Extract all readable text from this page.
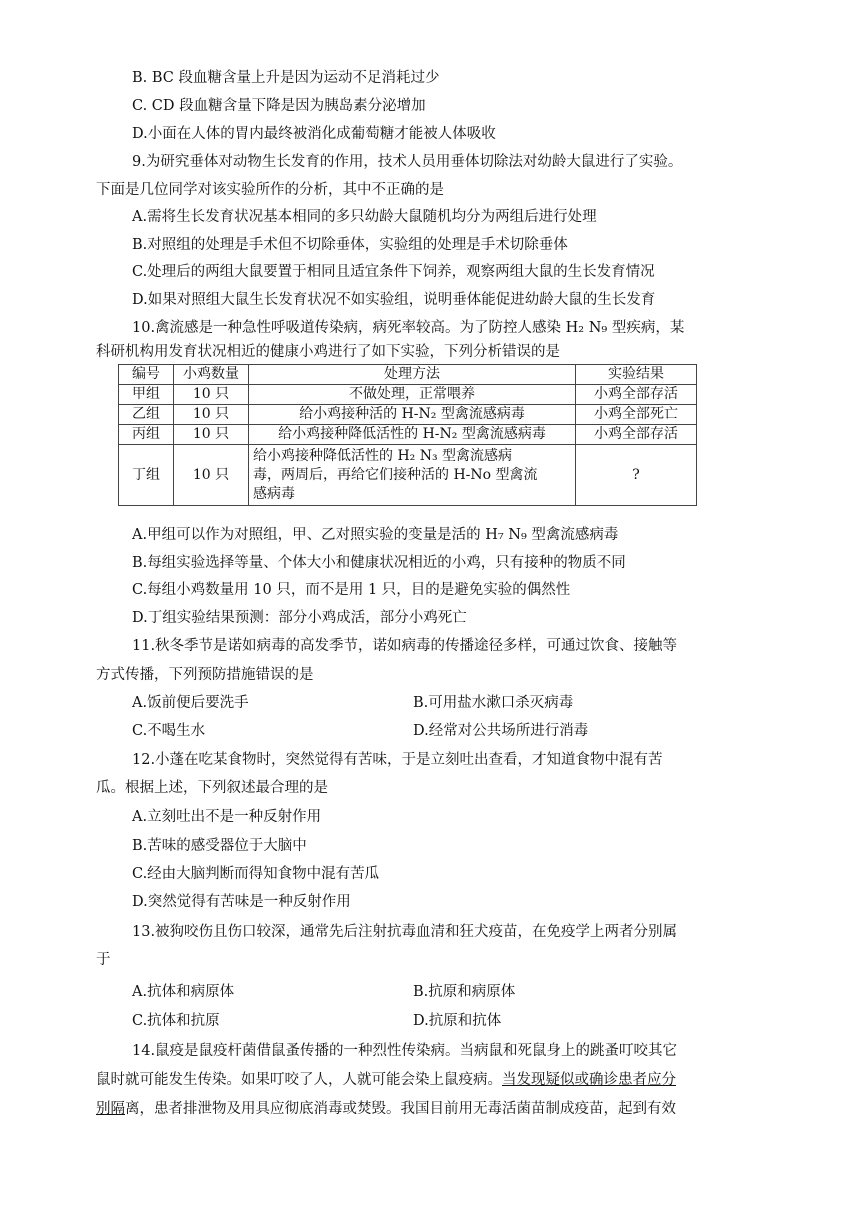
B. BC 段血糖含量上升是因为运动不足消耗过少
C. CD 段血糖含量下降是因为胰岛素分泌增加
D.小面在人体的胃内最终被消化成葡萄糖才能被人体吸收
9.为研究垂体对动物生长发育的作用，技术人员用垂体切除法对幼龄大鼠进行了实验。
下面是几位同学对该实验所作的分析，其中不正确的是
A.需将生长发育状况基本相同的多只幼龄大鼠随机均分为两组后进行处理
B.对照组的处理是手术但不切除垂体，实验组的处理是手术切除垂体
C.处理后的两组大鼠要置于相同且适宜条件下饲养，观察两组大鼠的生长发育情况
D.如果对照组大鼠生长发育状况不如实验组，说明垂体能促进幼龄大鼠的生长发育
10.禽流感是一种急性呼吸道传染病，病死率较高。为了防控人感染 H₂ N₉ 型疾病，某
科研机构用发育状况相近的健康小鸡进行了如下实验，下列分析错误的是
编号	小鸡数量	处理方法	实验结果
甲组	10 只	不做处理，正常喂养	小鸡全部存活
乙组	10 只	给小鸡接种活的 H-N₂ 型禽流感病毒	小鸡全部死亡
丙组	10 只	给小鸡接种降低活性的 H-N₂ 型禽流感病毒	小鸡全部存活
丁组	10 只	给小鸡接种降低活性的 H₂ N₃ 型禽流感病
毒，两周后，再给它们接种活的 H-No 型禽流
感病毒	?
A.甲组可以作为对照组，甲、乙对照实验的变量是活的 H₇ N₉ 型禽流感病毒
B.每组实验选择等量、个体大小和健康状况相近的小鸡，只有接种的物质不同
C.每组小鸡数量用 10 只，而不是用 1 只，目的是避免实验的偶然性
D.丁组实验结果预测：部分小鸡成活，部分小鸡死亡
11.秋冬季节是诺如病毒的高发季节，诺如病毒的传播途径多样，可通过饮食、接触等
方式传播，下列预防措施错误的是
A.饭前便后要洗手	B.可用盐水漱口杀灭病毒
C.不喝生水	D.经常对公共场所进行消毒
12.小蓬在吃某食物时，突然觉得有苦味，于是立刻吐出查看，才知道食物中混有苦
瓜。根据上述，下列叙述最合理的是
A.立刻吐出不是一种反射作用
B.苦味的感受器位于大脑中
C.经由大脑判断而得知食物中混有苦瓜
D.突然觉得有苦味是一种反射作用
13.被狗咬伤且伤口较深，通常先后注射抗毒血清和狂犬疫苗，在免疫学上两者分别属
于
A.抗体和病原体	B.抗原和病原体
C.抗体和抗原	D.抗原和抗体
14.鼠疫是鼠疫杆菌借鼠蚤传播的一种烈性传染病。当病鼠和死鼠身上的跳蚤叮咬其它
鼠时就可能发生传染。如果叮咬了人，人就可能会染上鼠疫病。当发现疑似或确诊患者应分
别隔离，患者排泄物及用具应彻底消毒或焚毁。我国目前用无毒活菌苗制成疫苗，起到有效
